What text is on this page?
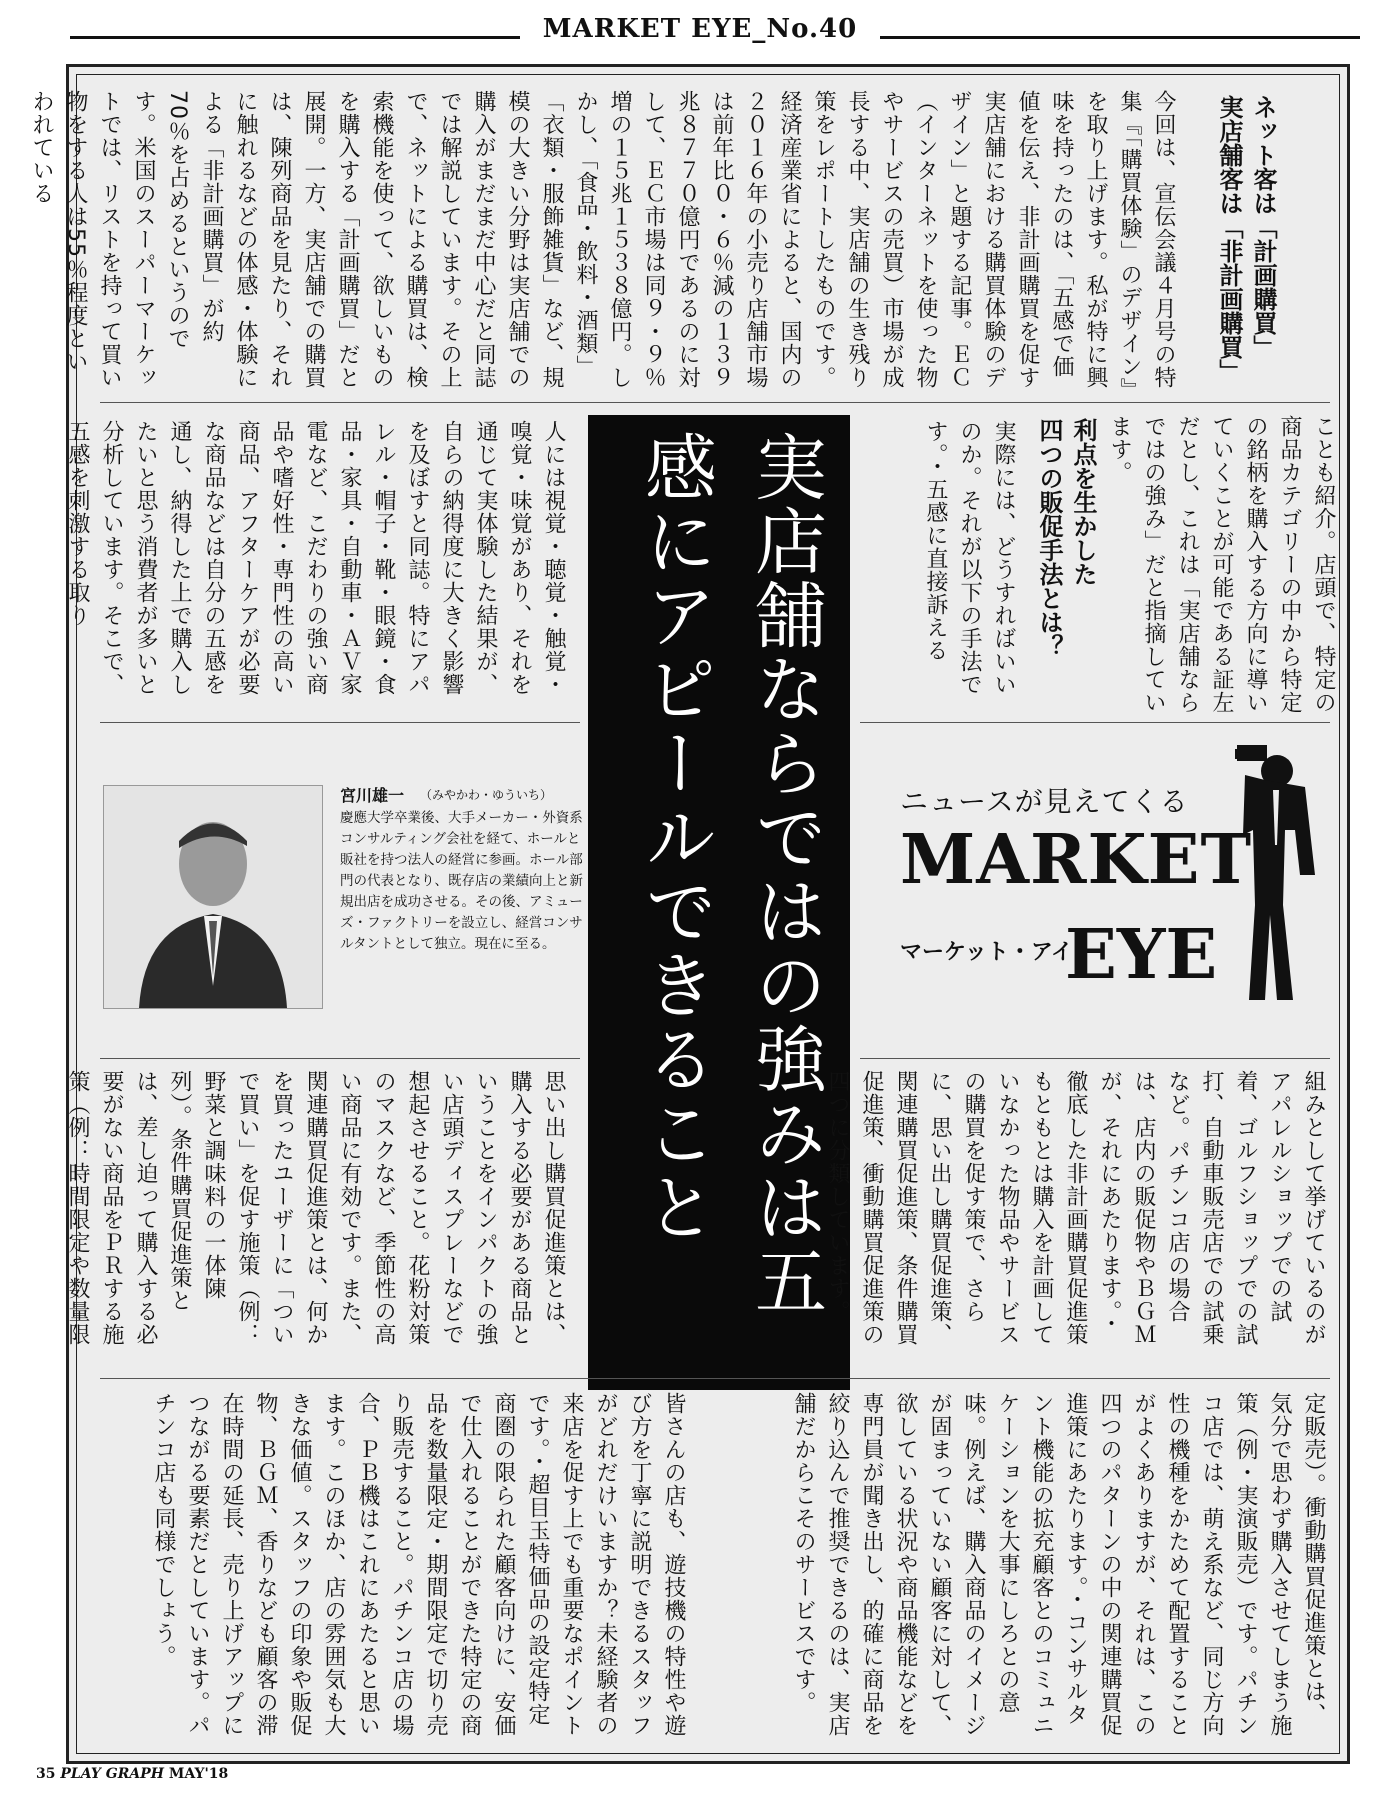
MARKET EYE_No.40
ネット客は「計画購買」
実店舗客は「非計画購買」
今回は、宣伝会議４月号の特集『「購買体験」のデザイン』を取り上げます。私が特に興味を持ったのは、「五感で価値を伝え、非計画購買を促す 実店舗における購買体験のデザイン」と題する記事。ＥＣ（インターネットを使った物やサービスの売買）市場が成長する中、実店舗の生き残り策をレポートしたものです。経済産業省によると、国内の２０１６年の小売り店舗市場は前年比０・６％減の１３９兆８７７０億円であるのに対して、ＥＣ市場は同９・９％増の１５兆１５３８億円。しかし、「食品・飲料・酒類」「衣類・服飾雑貨」など、規模の大きい分野は実店舗での購入がまだまだ中心だと同誌では解説しています。その上で、ネットによる購買は、検索機能を使って、欲しいものを購入する「計画購買」だと展開。一方、実店舗での購買は、陳列商品を見たり、それに触れるなどの体感・体験による「非計画購買」が約70％を占めるというのです。米国のスーパーマーケットでは、リストを持って買い物をする人は55％程度といわれている
ことも紹介。店頭で、特定の商品カテゴリーの中から特定の銘柄を購入する方向に導いていくことが可能である証左だとし、これは「実店舗ならではの強み」だと指摘しています。
利点を生かした
四つの販促手法とは？
実際には、どうすればいいのか。それが以下の手法です。・五感に直接訴える
人には視覚・聴覚・触覚・嗅覚・味覚があり、それを通じて実体験した結果が、自らの納得度に大きく影響を及ぼすと同誌。特にアパレル・帽子・靴・眼鏡・食品・家具・自動車・ＡＶ家電など、こだわりの強い商品や嗜好性・専門性の高い商品、アフターケアが必要な商品などは自分の五感を通し、納得した上で購入したいと思う消費者が多いと分析しています。そこで、五感を刺激する取り	実店舗ならではの強みは五感にアピールできること
宮川雄一 （みやかわ・ゆういち）
慶應大学卒業後、大手メーカー・外資系コンサルティング会社を経て、ホールと販社を持つ法人の経営に参画。ホール部門の代表となり、既存店の業績向上と新規出店を成功させる。その後、アミューズ・ファクトリーを設立し、経営コンサルタントとして独立。現在に至る。
ニュースが見えてくる
MARKET
マーケット・アイ
EYE
組みとして挙げているのがアパレルショップでの試着、ゴルフショップでの試打、自動車販売店での試乗など。パチンコ店の場合は、店内の販促物やＢＧＭが、それにあたります。・徹底した非計画購買促進策もともとは購入を計画していなかった物品やサービスの購買を促す策で、さらに、思い出し購買促進策、関連購買促進策、条件購買促進策、衝動購買促進策の四つに分類しています。
思い出し購買促進策とは、購入する必要がある商品ということをインパクトの強い店頭ディスプレーなどで想起させること。花粉対策のマスクなど、季節性の高い商品に有効です。また、関連購買促進策とは、何かを買ったユーザーに「ついで買い」を促す施策（例：野菜と調味料の一体陳列）。条件購買促進策とは、差し迫って購入する必要がない商品をＰＲする施策（例：時間限定や数量限
定販売）。衝動購買促進策とは、気分で思わず購入させてしまう施策（例・実演販売）です。パチンコ店では、萌え系など、同じ方向性の機種をかためて配置することがよくありますが、それは、この四つのパターンの中の関連購買促進策にあたります。・コンサルタント機能の拡充顧客とのコミュニケーションを大事にしろとの意味。例えば、購入商品のイメージが固まっていない顧客に対して、欲している状況や商品機能などを専門員が聞き出し、的確に商品を絞り込んで推奨できるのは、実店舗だからこそのサービスです。
皆さんの店も、遊技機の特性や遊び方を丁寧に説明できるスタッフがどれだけいますか？未経験者の来店を促す上でも重要なポイントです。・超目玉特価品の設定特定商圏の限られた顧客向けに、安価で仕入れることができた特定の商品を数量限定・期間限定で切り売り販売すること。パチンコ店の場合、ＰＢ機はこれにあたると思います。このほか、店の雰囲気も大きな価値。スタッフの印象や販促物、ＢＧＭ、香りなども顧客の滞在時間の延長、売り上げアップにつながる要素だとしています。パチンコ店も同様でしょう。
35 PLAY GRAPH MAY'18
